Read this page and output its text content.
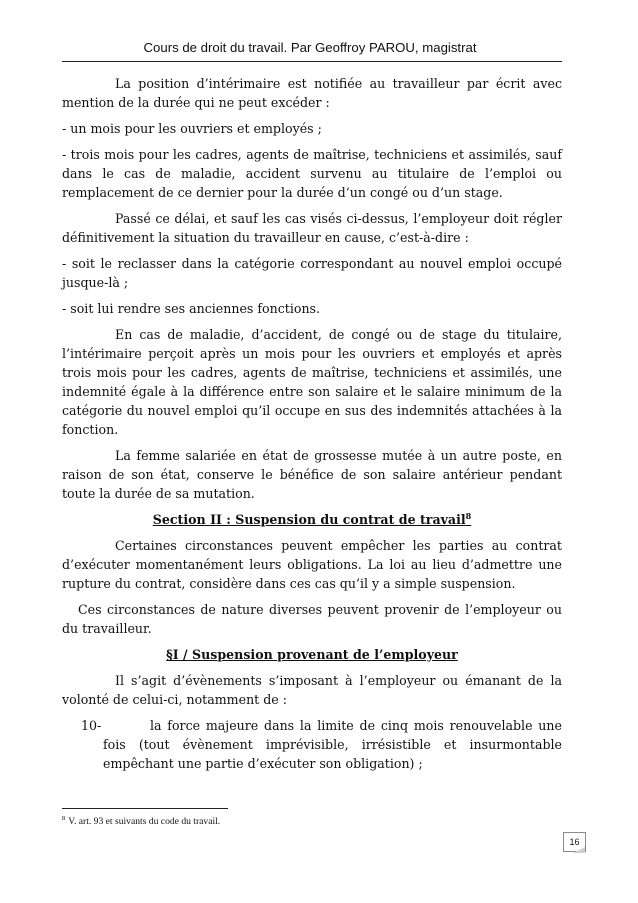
Cours de droit du travail. Par Geoffroy PAROU, magistrat

La position d’intérimaire est notifiée au travailleur par écrit avec mention de la durée qui ne peut excéder :

- un mois pour les ouvriers et employés ;

- trois mois pour les cadres, agents de maîtrise, techniciens et assimilés, sauf dans le cas de maladie, accident survenu au titulaire de l’emploi ou remplacement de ce dernier pour la durée d’un congé ou d’un stage.

Passé ce délai, et sauf les cas visés ci-dessus, l’employeur doit régler définitivement la situation du travailleur en cause, c’est-à-dire :

- soit le reclasser dans la catégorie correspondant au nouvel emploi occupé jusque-là ;

- soit lui rendre ses anciennes fonctions.

En cas de maladie, d’accident, de congé ou de stage du titulaire, l’intérimaire perçoit après un mois pour les ouvriers et employés et après trois mois pour les cadres, agents de maîtrise, techniciens et assimilés, une indemnité égale à la différence entre son salaire et le salaire minimum de la catégorie du nouvel emploi qu’il occupe en sus des indemnités attachées à la fonction.

La femme salariée en état de grossesse mutée à un autre poste, en raison de son état, conserve le bénéfice de son salaire antérieur pendant toute la durée de sa mutation.

Section II : Suspension du contrat de travail$^8$

Certaines circonstances peuvent empêcher les parties au contrat d’exécuter momentanément leurs obligations. La loi au lieu d’admettre une rupture du contrat, considère dans ces cas qu’il y a simple suspension.

Ces circonstances de nature diverses peuvent provenir de l’employeur ou du travailleur.

§I / Suspension provenant de l’employeur

Il s’agit d’évènements s’imposant à l’employeur ou émanant de la volonté de celui-ci, notamment de :

10-	la force majeure dans la limite de cinq mois renouvelable une fois (tout évènement imprévisible, irrésistible et insurmontable empêchant une partie d’exécuter son obligation) ;
$^8$ V. art. 93 et suivants du code du travail.
16
